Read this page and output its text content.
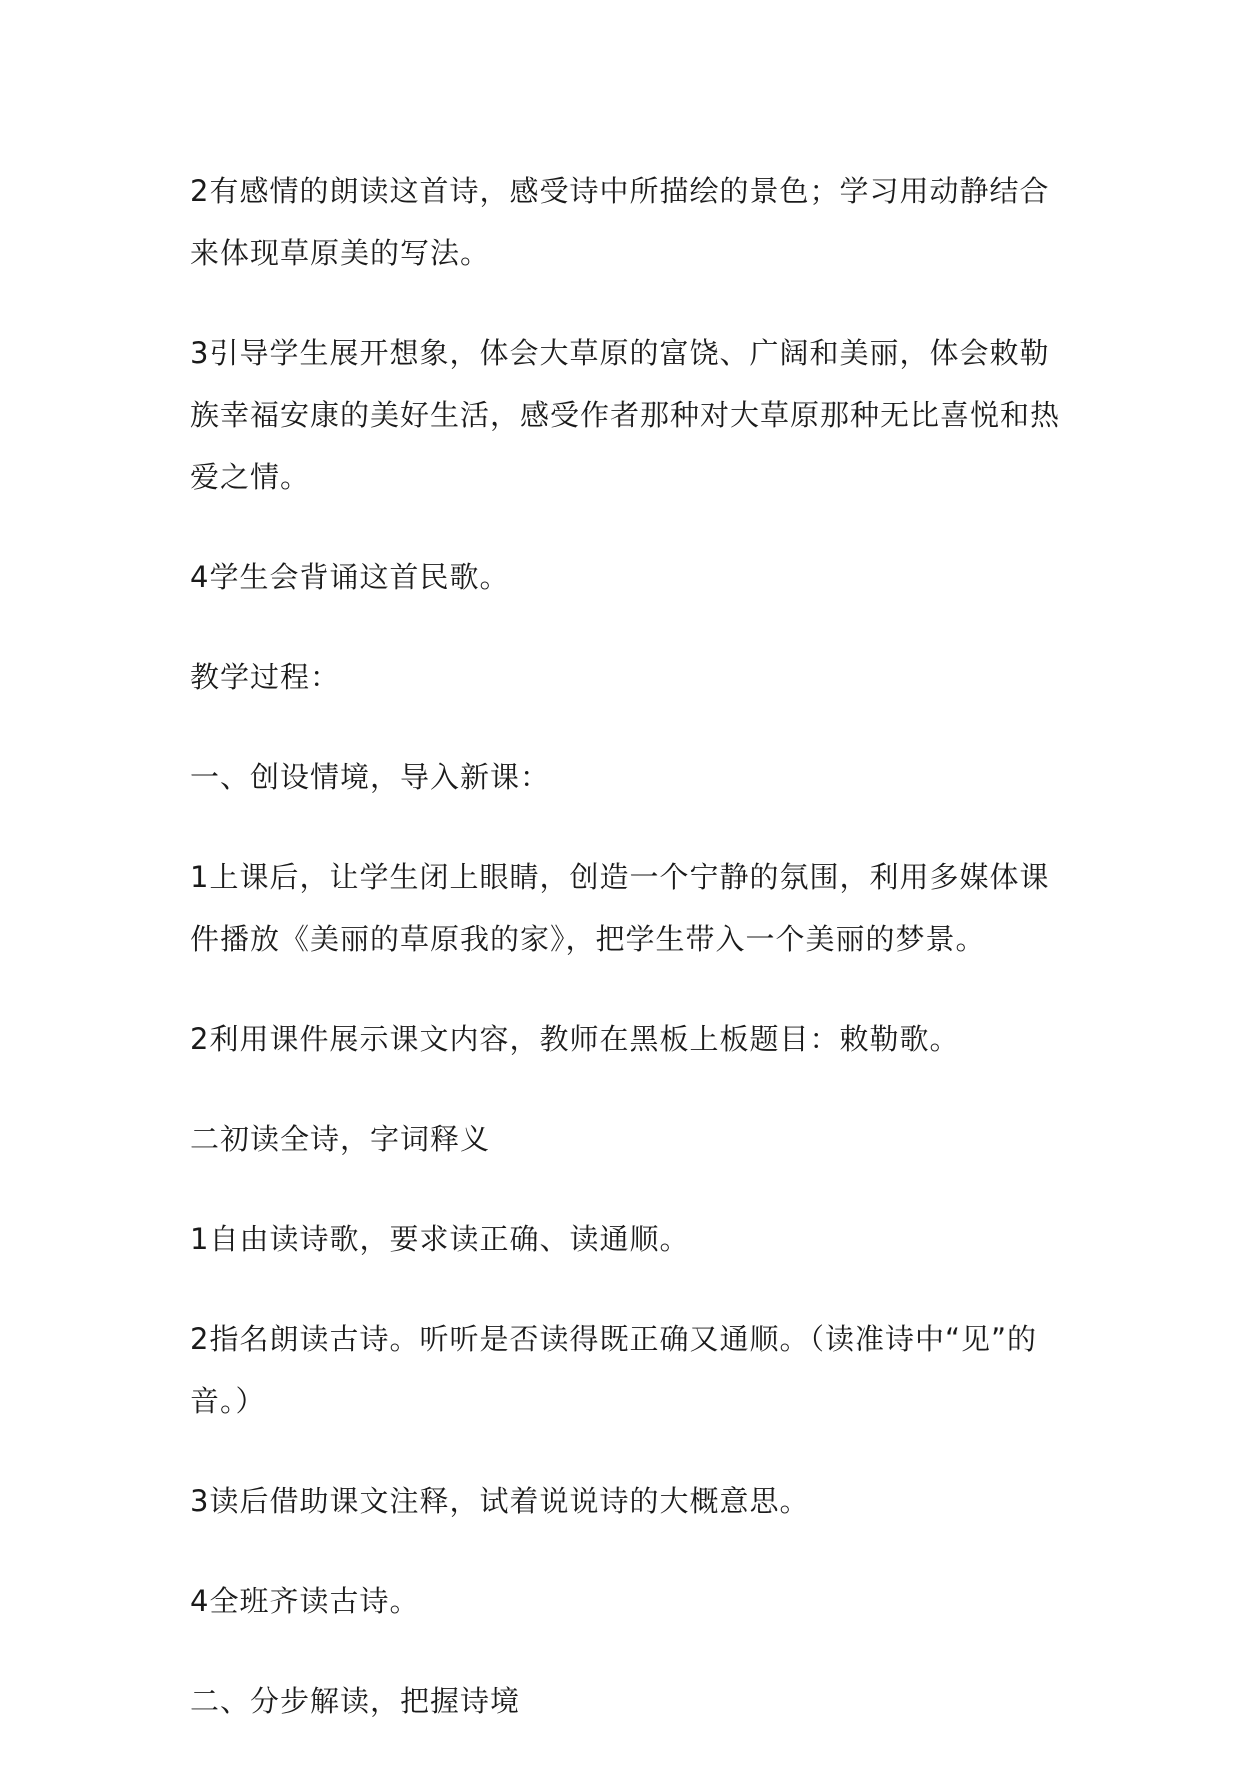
2有感情的朗读这首诗，感受诗中所描绘的景色；学习用动静结合来体现草原美的写法。

3引导学生展开想象，体会大草原的富饶、广阔和美丽，体会敕勒族幸福安康的美好生活，感受作者那种对大草原那种无比喜悦和热爱之情。

4学生会背诵这首民歌。

教学过程：

一、创设情境，导入新课：

1上课后，让学生闭上眼睛，创造一个宁静的氛围，利用多媒体课件播放《美丽的草原我的家》，把学生带入一个美丽的梦景。

2利用课件展示课文内容，教师在黑板上板题目：敕勒歌。

二初读全诗，字词释义

1自由读诗歌，要求读正确、读通顺。

2指名朗读古诗。听听是否读得既正确又通顺。（读准诗中“见”的音。）

3读后借助课文注释，试着说说诗的大概意思。

4全班齐读古诗。

二、分步解读，把握诗境
